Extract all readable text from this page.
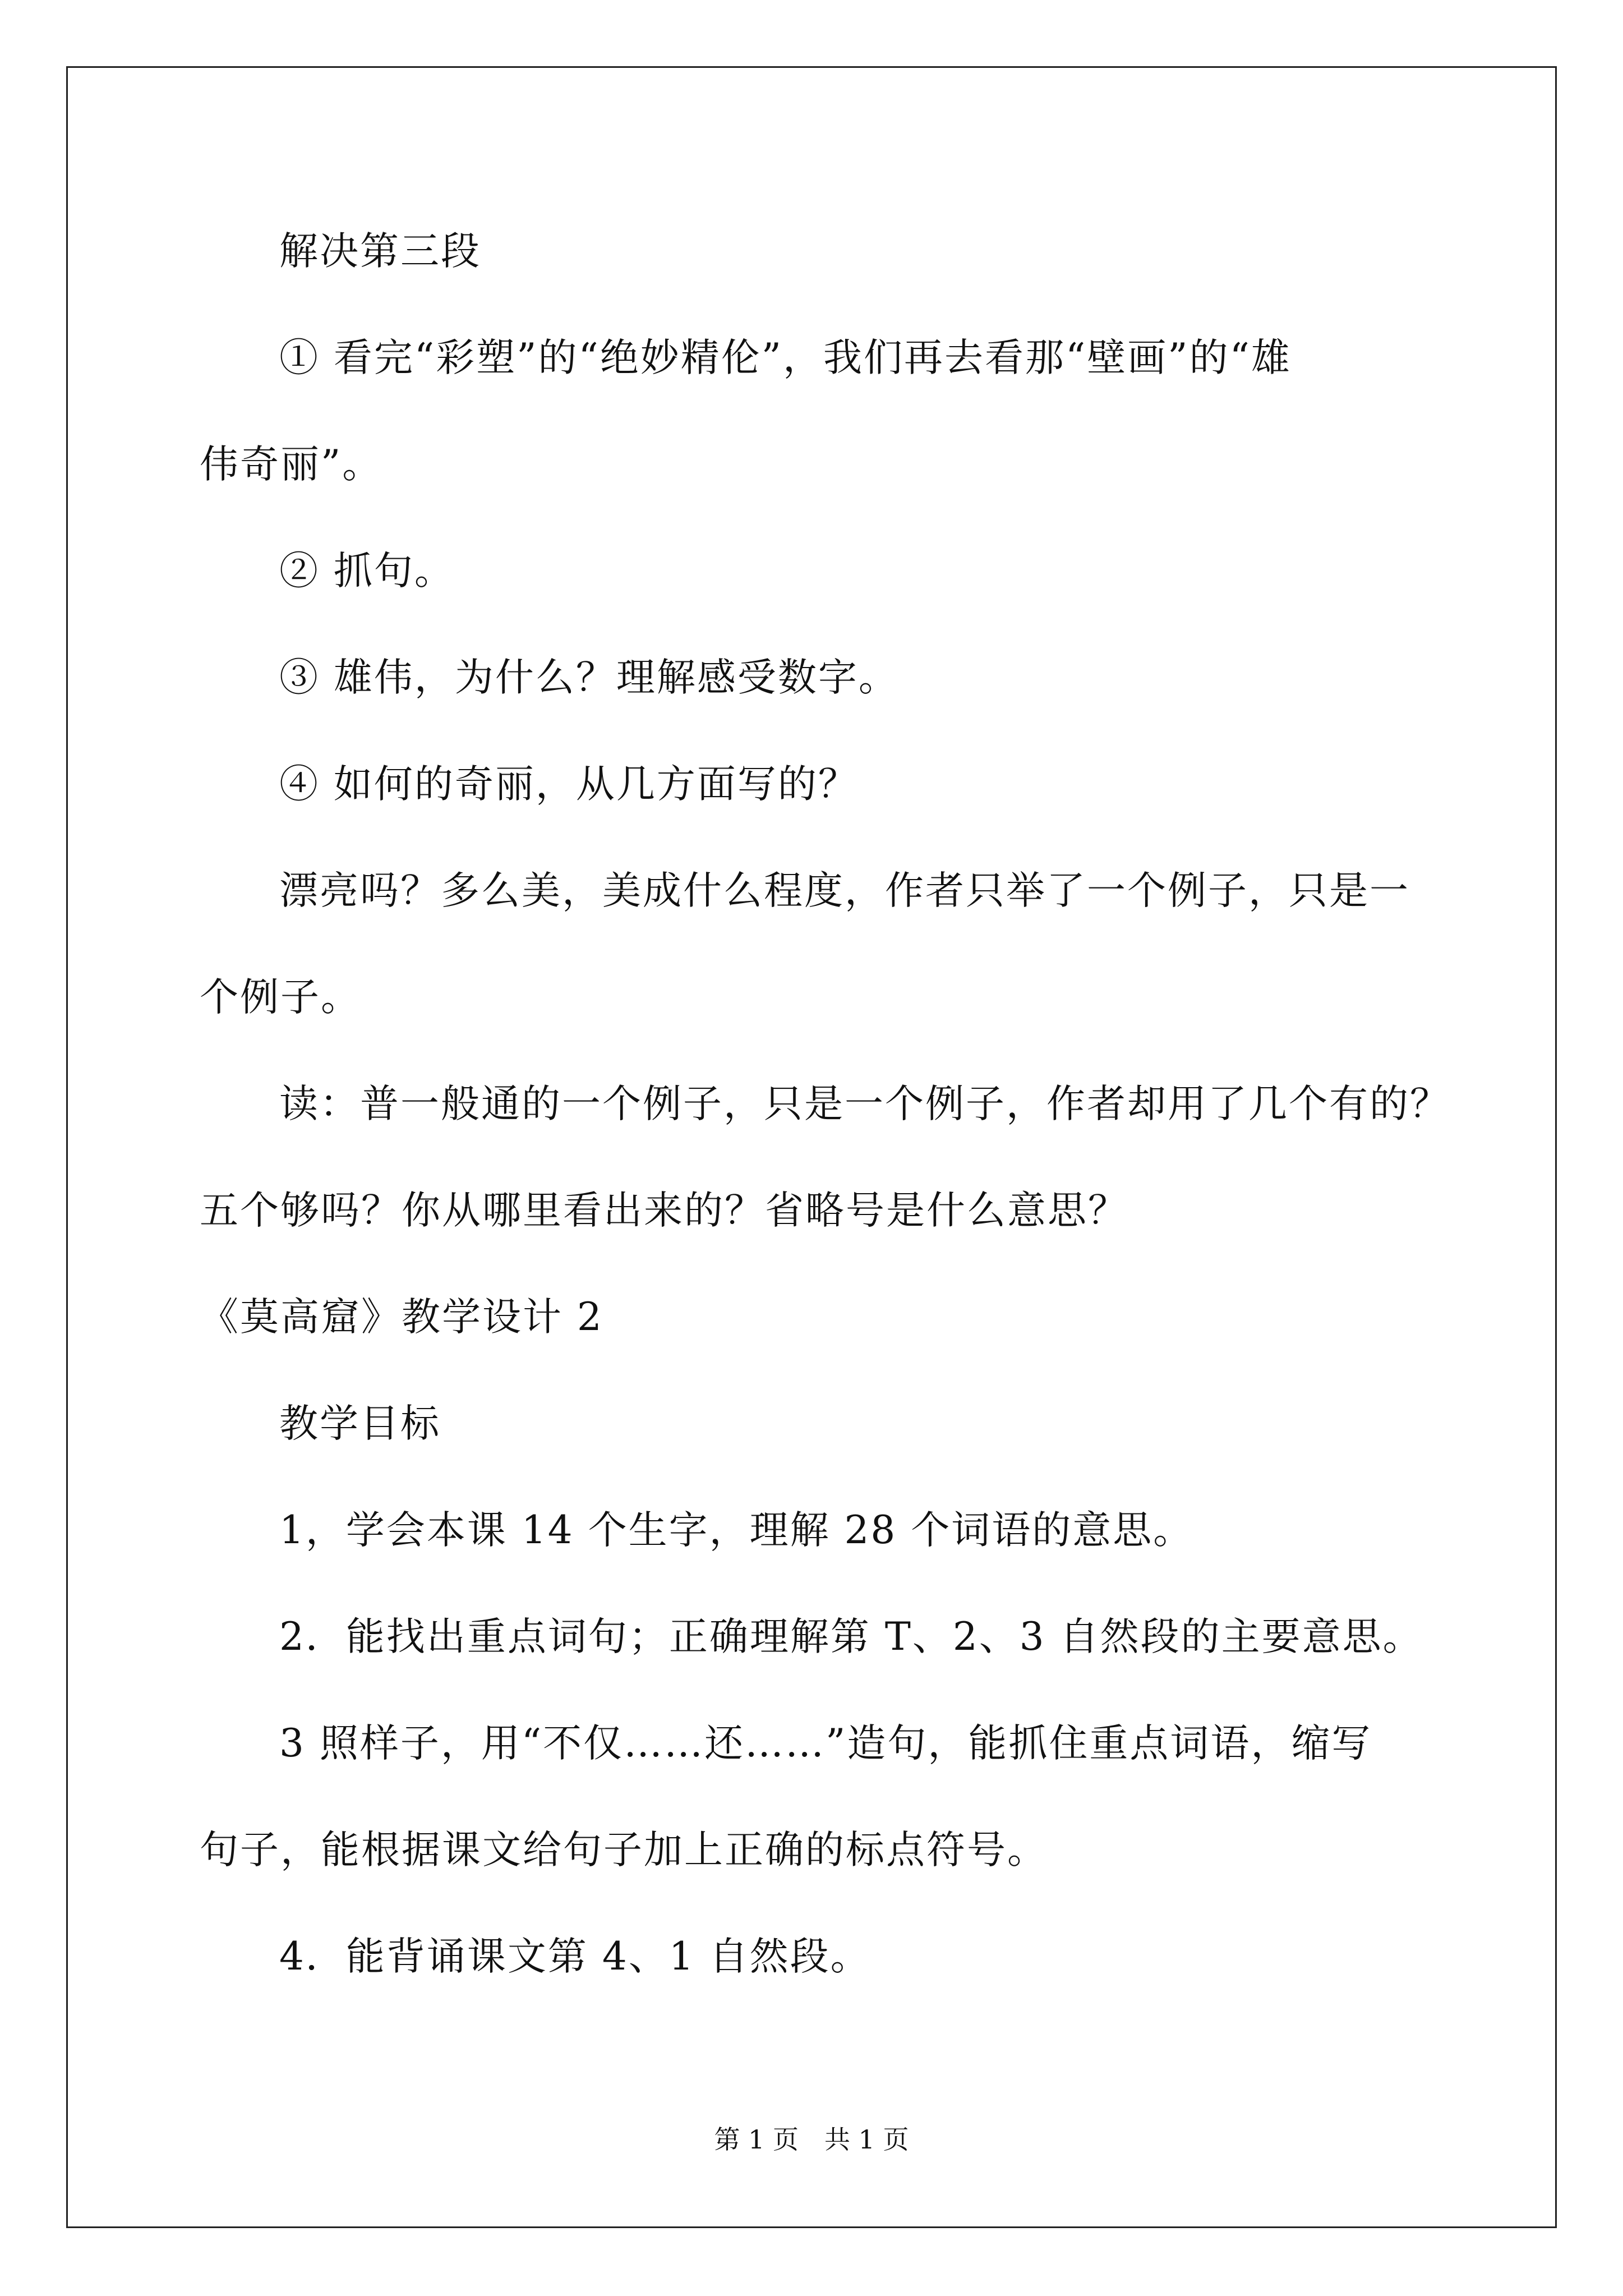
解决第三段
① 看完“彩塑”的“绝妙精伦”，我们再去看那“壁画”的“雄
伟奇丽”。
② 抓句。
③ 雄伟，为什么？理解感受数字。
④ 如何的奇丽，从几方面写的？
漂亮吗？多么美，美成什么程度，作者只举了一个例子，只是一
个例子。
读：普一般通的一个例子，只是一个例子，作者却用了几个有的？
五个够吗？你从哪里看出来的？省略号是什么意思？
《莫高窟》教学设计 2
教学目标
1，学会本课 14 个生字，理解 28 个词语的意思。
2．能找出重点词句；正确理解第 T、2、3 自然段的主要意思。
3 照样子，用“不仅……还……”造句，能抓住重点词语，缩写
句子，能根据课文给句子加上正确的标点符号。
4．能背诵课文第 4、1 自然段。
第 1 页　共 1 页
